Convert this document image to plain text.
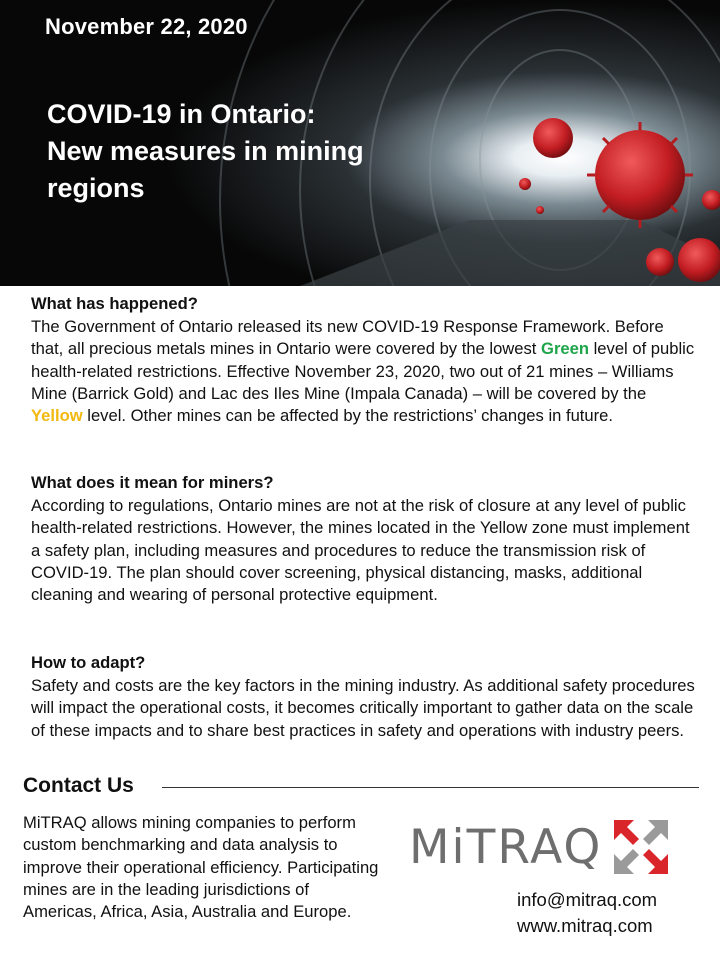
November 22, 2020
COVID-19 in Ontario:
New measures in mining
regions
What has happened?

The Government of Ontario released its new COVID-19 Response Framework. Before that, all precious metals mines in Ontario were covered by the lowest Green level of public health-related restrictions. Effective November 23, 2020, two out of 21 mines – Williams Mine (Barrick Gold) and Lac des Iles Mine (Impala Canada) – will be covered by the Yellow level. Other mines can be affected by the restrictions’ changes in future.

What does it mean for miners?

According to regulations, Ontario mines are not at the risk of closure at any level of public health-related restrictions. However, the mines located in the Yellow zone must implement a safety plan, including measures and procedures to reduce the transmission risk of COVID-19. The plan should cover screening, physical distancing, masks, additional cleaning and wearing of personal protective equipment.

How to adapt?

Safety and costs are the key factors in the mining industry. As additional safety procedures will impact the operational costs, it becomes critically important to gather data on the scale of these impacts and to share best practices in safety and operations with industry peers.

Contact Us
MiTRAQ allows mining companies to perform custom benchmarking and data analysis to improve their operational efficiency. Participating mines are in the leading jurisdictions of Americas, Africa, Asia, Australia and Europe.
MiTRAQ
info@mitraq.com
www.mitraq.com
